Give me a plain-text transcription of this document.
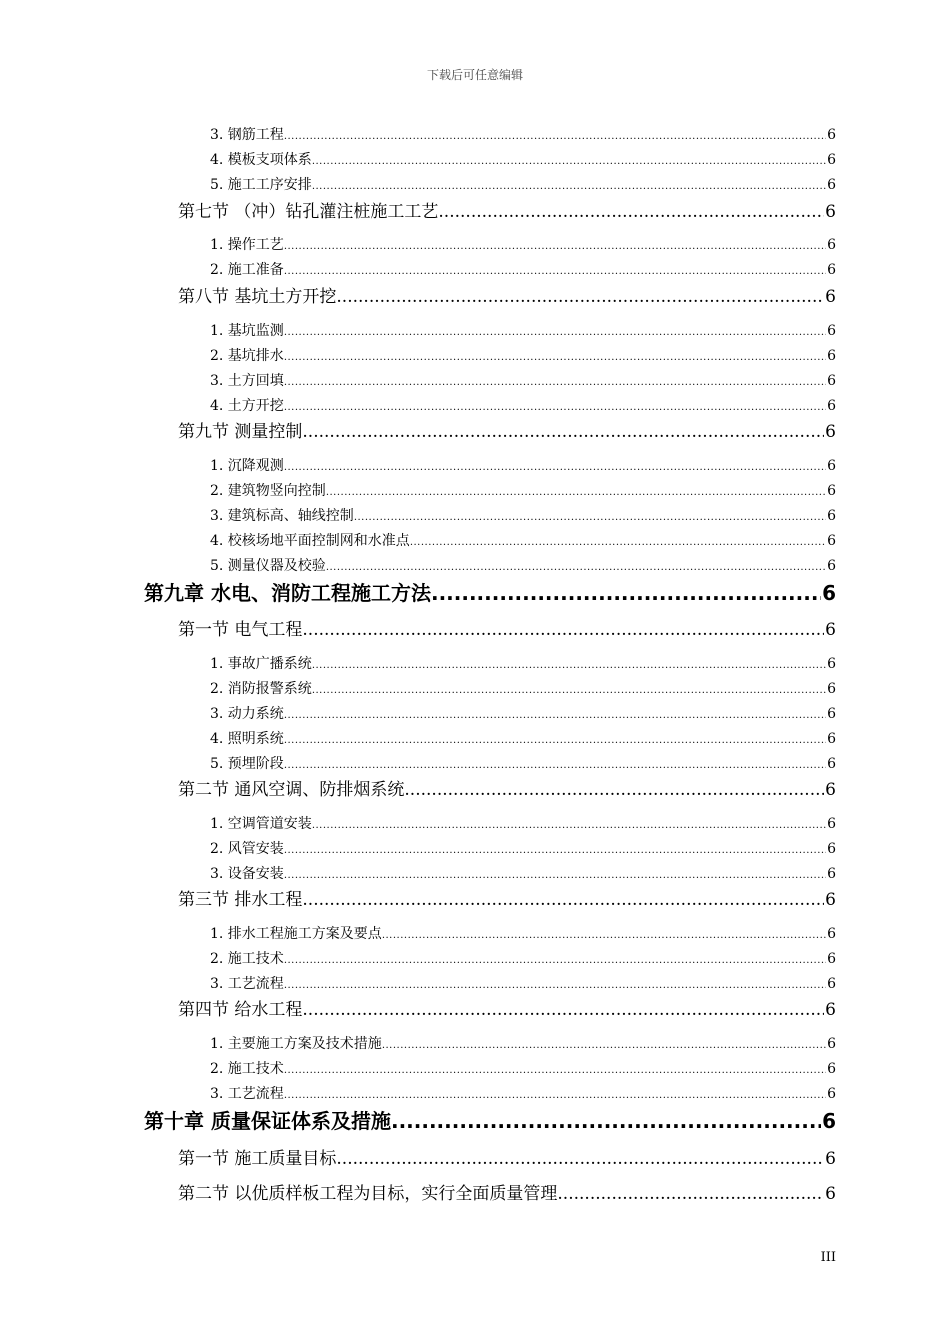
下载后可任意编辑
3. 钢筋工程 .....	6
4. 模板支项体系 .....	6
5. 施工工序安排 .....	6
第七节 （冲）钻孔灌注桩施工工艺 .....	6
1. 操作工艺 .....	6
2. 施工准备 .....	6
第八节 基坑土方开挖 .....	6
1. 基坑监测 .....	6
2. 基坑排水 .....	6
3. 土方回填 .....	6
4. 土方开挖 .....	6
第九节 测量控制 .....	6
1. 沉降观测 .....	6
2. 建筑物竖向控制 .....	6
3. 建筑标高、轴线控制 .....	6
4. 校核场地平面控制网和水准点 .....	6
5. 测量仪器及校验 .....	6
第九章 水电、消防工程施工方法 .....	6
第一节 电气工程 .....	6
1. 事故广播系统 .....	6
2. 消防报警系统 .....	6
3. 动力系统 .....	6
4. 照明系统 .....	6
5. 预埋阶段 .....	6
第二节 通风空调、防排烟系统 .....	6
1. 空调管道安装 .....	6
2. 风管安装 .....	6
3. 设备安装 .....	6
第三节 排水工程 .....	6
1. 排水工程施工方案及要点 .....	6
2. 施工技术 .....	6
3. 工艺流程 .....	6
第四节 给水工程 .....	6
1. 主要施工方案及技术措施 .....	6
2. 施工技术 .....	6
3. 工艺流程 .....	6
第十章 质量保证体系及措施 .....	6
第一节 施工质量目标 .....	6
第二节 以优质样板工程为目标，实行全面质量管理 .....	6
III
